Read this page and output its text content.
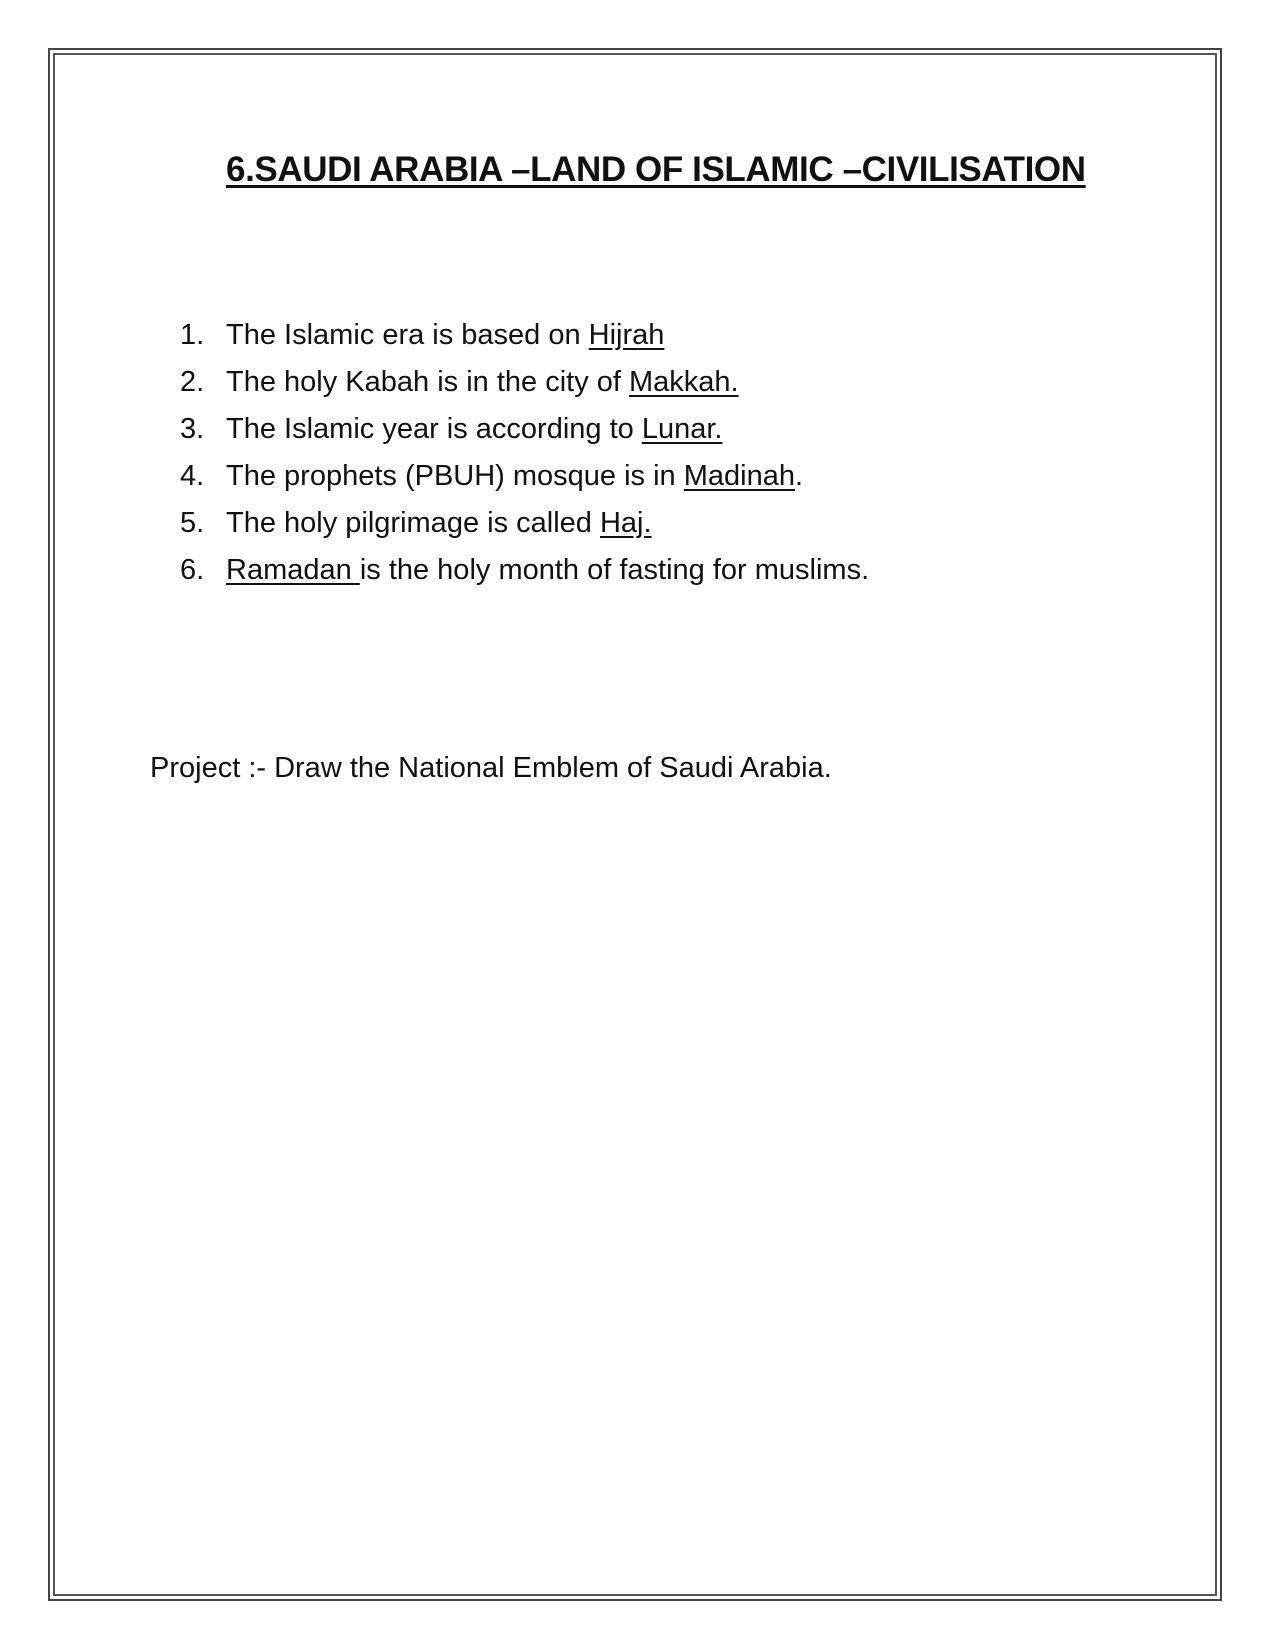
6.SAUDI ARABIA –LAND OF ISLAMIC –CIVILISATION
1. The Islamic era is based on Hijrah
2. The holy Kabah is in the city of Makkah.
3. The Islamic year is according to Lunar.
4. The prophets (PBUH) mosque is in Madinah.
5. The holy pilgrimage is called Haj.
6. Ramadan is the holy month of fasting for muslims.

Project :- Draw the National Emblem of Saudi Arabia.
